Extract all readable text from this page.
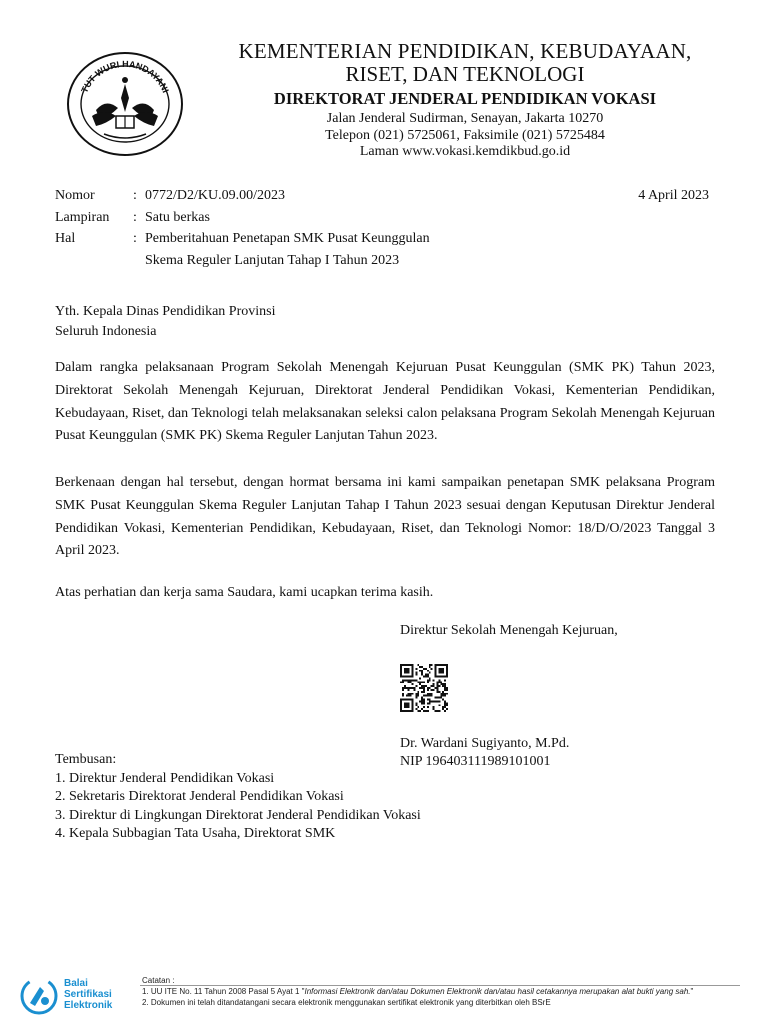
TUT WURI HANDAYANI
KEMENTERIAN PENDIDIKAN, KEBUDAYAAN,
RISET, DAN TEKNOLOGI
DIREKTORAT JENDERAL PENDIDIKAN VOKASI
Jalan Jenderal Sudirman, Senayan, Jakarta 10270
Telepon (021) 5725061, Faksimile (021) 5725484
Laman www.vokasi.kemdikbud.go.id
Nomor	: 0772/D2/KU.09.00/2023	4 April 2023
Lampiran : Satu berkas
Hal	: Pemberitahuan Penetapan SMK Pusat Keunggulan
Skema Reguler Lanjutan Tahap I Tahun 2023
Yth. Kepala Dinas Pendidikan Provinsi
Seluruh Indonesia
Dalam rangka pelaksanaan Program Sekolah Menengah Kejuruan Pusat Keunggulan (SMK PK) Tahun 2023, Direktorat Sekolah Menengah Kejuruan, Direktorat Jenderal Pendidikan Vokasi, Kementerian Pendidikan, Kebudayaan, Riset, dan Teknologi telah melaksanakan seleksi calon pelaksana Program Sekolah Menengah Kejuruan Pusat Keunggulan (SMK PK) Skema Reguler Lanjutan Tahun 2023.
Berkenaan dengan hal tersebut, dengan hormat bersama ini kami sampaikan penetapan SMK pelaksana Program SMK Pusat Keunggulan Skema Reguler Lanjutan Tahap I Tahun 2023 sesuai dengan Keputusan Direktur Jenderal Pendidikan Vokasi, Kementerian Pendidikan, Kebudayaan, Riset, dan Teknologi Nomor: 18/D/O/2023 Tanggal 3 April 2023.
Atas perhatian dan kerja sama Saudara, kami ucapkan terima kasih.
Direktur Sekolah Menengah Kejuruan,
Dr. Wardani Sugiyanto, M.Pd.
NIP 196403111989101001
Tembusan:
1. Direktur Jenderal Pendidikan Vokasi
2. Sekretaris Direktorat Jenderal Pendidikan Vokasi
3. Direktur di Lingkungan Direktorat Jenderal Pendidikan Vokasi
4. Kepala Subbagian Tata Usaha, Direktorat SMK
Balai
Sertifikasi
Elektronik
Catatan :
1. UU ITE No. 11 Tahun 2008 Pasal 5 Ayat 1 "Informasi Elektronik dan/atau Dokumen Elektronik dan/atau hasil cetakannya merupakan alat bukti yang sah."
2. Dokumen ini telah ditandatangani secara elektronik menggunakan sertifikat elektronik yang diterbitkan oleh BSrE
